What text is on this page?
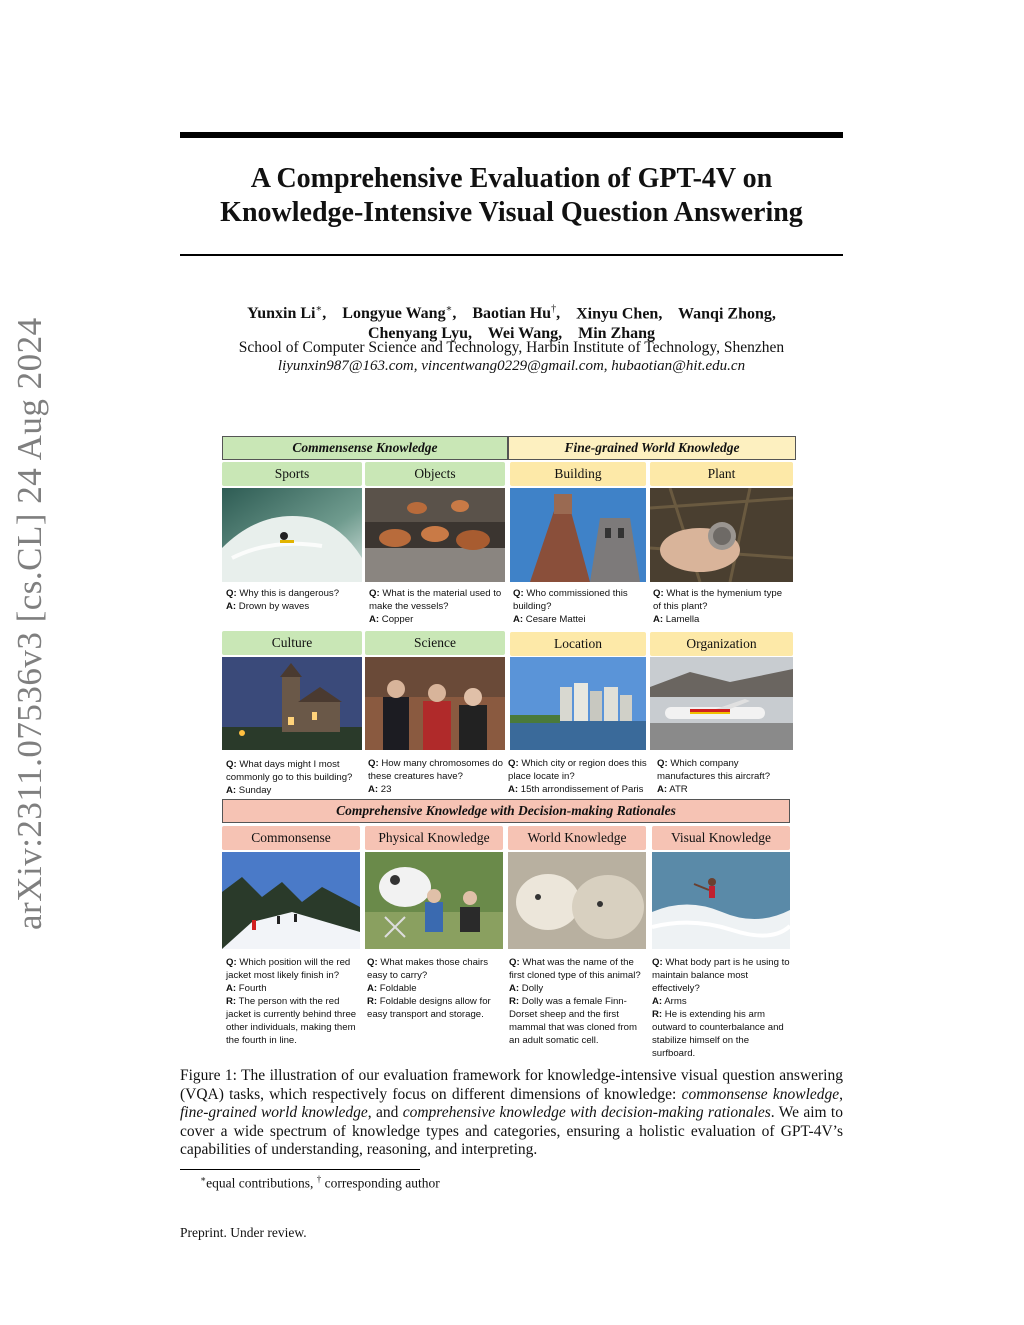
arXiv:2311.07536v3 [cs.CL] 24 Aug 2024
A Comprehensive Evaluation of GPT-4V on
Knowledge-Intensive Visual Question Answering
Yunxin Li∗, Longyue Wang∗, Baotian Hu†, Xinyu Chen, Wanqi Zhong,
Chenyang Lyu, Wei Wang, Min Zhang
School of Computer Science and Technology, Harbin Institute of Technology, Shenzhen
liyunxin987@163.com, vincentwang0229@gmail.com, hubaotian@hit.edu.cn
Commensense Knowledge	Fine-grained World Knowledge
Sports	Objects	Building	Plant
Q: Why this is dangerous?
A: Drown by waves
Q: What is the material used to make the vessels?
A: Copper
Q: Who commissioned this building?
A: Cesare Mattei
Q: What is the hymenium type of this plant?
A: Lamella
Culture	Science	Location	Organization
Q: What days might I most commonly go to this building?
A: Sunday
Q: How many chromosomes do these creatures have?
A: 23
Q: Which city or region does this place locate in?
A: 15th arrondissement of Paris
Q: Which company manufactures this aircraft?
A: ATR
Comprehensive Knowledge with Decision-making Rationales
Commonsense	Physical Knowledge	World Knowledge	Visual Knowledge
Q: Which position will the red jacket most likely finish in?
A: Fourth
R: The person with the red jacket is currently behind three other individuals, making them the fourth in line.
Q: What makes those chairs easy to carry?
A: Foldable
R: Foldable designs allow for easy transport and storage.
Q: What was the name of the first cloned type of this animal?
A: Dolly
R: Dolly was a female Finn-Dorset sheep and the first mammal that was cloned from an adult somatic cell.
Q: What body part is he using to maintain balance most effectively?
A: Arms
R: He is extending his arm outward to counterbalance and stabilize himself on the surfboard.
Figure 1: The illustration of our evaluation framework for knowledge-intensive visual question answering (VQA) tasks, which respectively focus on different dimensions of knowledge: commonsense knowledge, fine-grained world knowledge, and comprehensive knowledge with decision-making rationales. We aim to cover a wide spectrum of knowledge types and categories, ensuring a holistic evaluation of GPT-4V’s capabilities of understanding, reasoning, and interpreting.
∗equal contributions, † corresponding author
Preprint. Under review.
